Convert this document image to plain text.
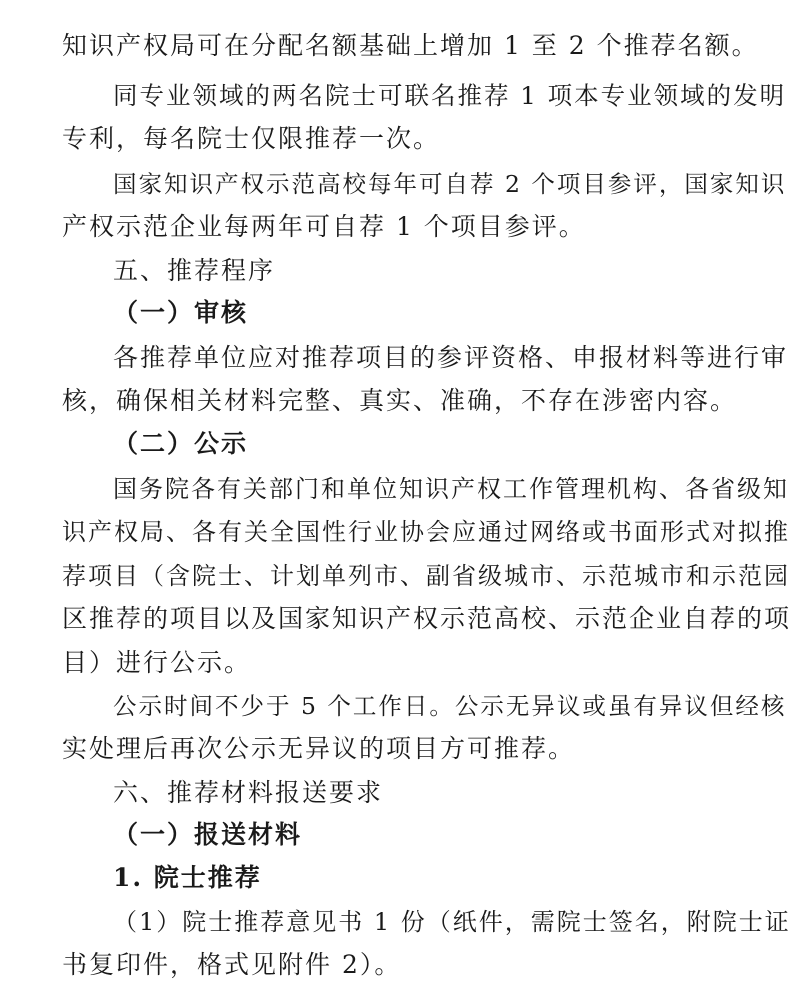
知识产权局可在分配名额基础上增加 1 至 2 个推荐名额。
同专业领域的两名院士可联名推荐 1 项本专业领域的发明
专利，每名院士仅限推荐一次。
国家知识产权示范高校每年可自荐 2 个项目参评，国家知识
产权示范企业每两年可自荐 1 个项目参评。
五、推荐程序
（一）审核
各推荐单位应对推荐项目的参评资格、申报材料等进行审
核，确保相关材料完整、真实、准确，不存在涉密内容。
（二）公示
国务院各有关部门和单位知识产权工作管理机构、各省级知
识产权局、各有关全国性行业协会应通过网络或书面形式对拟推
荐项目（含院士、计划单列市、副省级城市、示范城市和示范园
区推荐的项目以及国家知识产权示范高校、示范企业自荐的项
目）进行公示。
公示时间不少于 5 个工作日。公示无异议或虽有异议但经核
实处理后再次公示无异议的项目方可推荐。
六、推荐材料报送要求
（一）报送材料
1. 院士推荐
（1）院士推荐意见书 1 份（纸件，需院士签名，附院士证
书复印件，格式见附件 2）。
